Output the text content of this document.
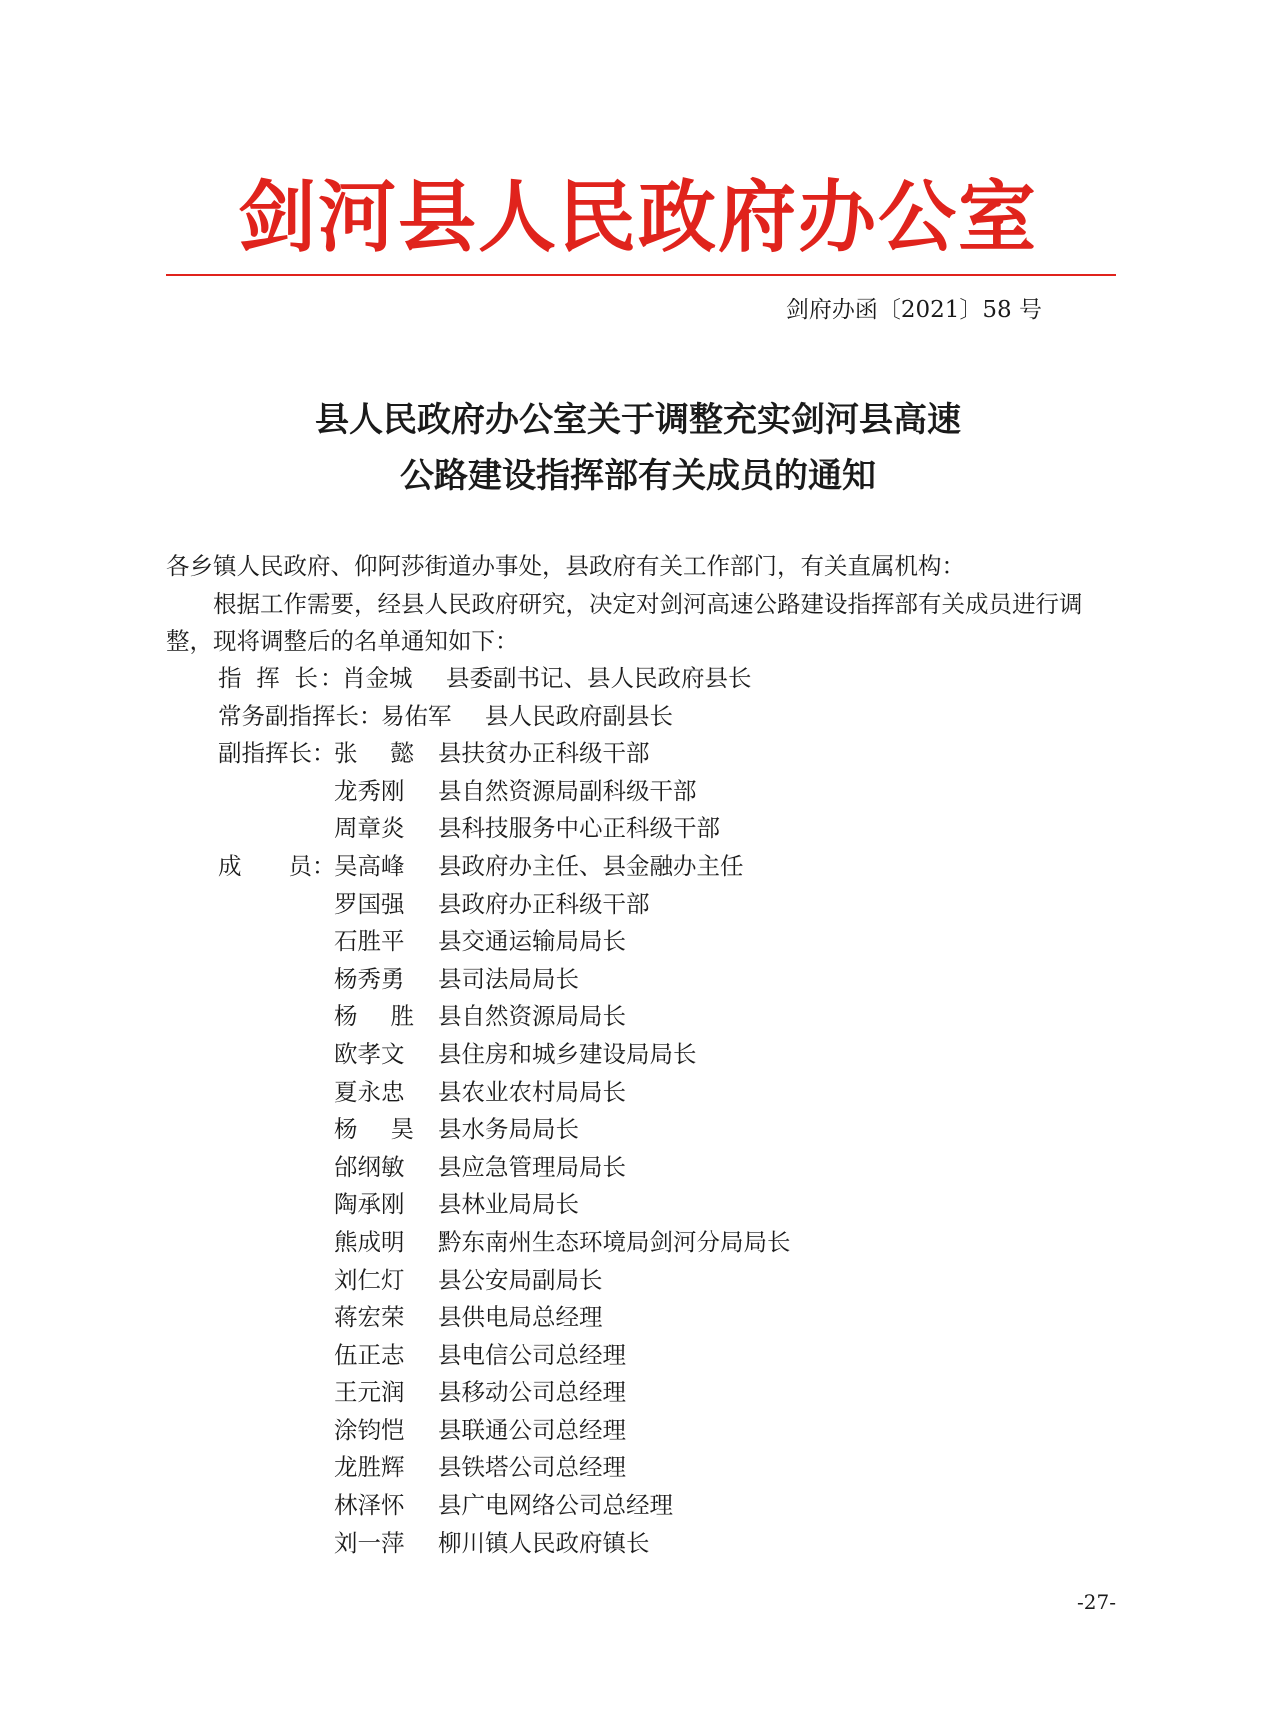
剑河县人民政府办公室
剑府办函〔2021〕58 号
县人民政府办公室关于调整充实剑河县高速
公路建设指挥部有关成员的通知

各乡镇人民政府、仰阿莎街道办事处，县政府有关工作部门，有关直属机构：

根据工作需要，经县人民政府研究，决定对剑河高速公路建设指挥部有关成员进行调整，现将调整后的名单通知如下：

指 挥 长 ：
肖金城	县委副书记、县人民政府县长
常务副指挥长 ：
易佑军	县人民政府副县长
副指挥长 ：
张 懿 县扶贫办正科级干部
龙秀刚	县自然资源局副科级干部
周章炎	县科技服务中心正科级干部
成 员 ：
吴高峰	县政府办主任、县金融办主任
罗国强	县政府办正科级干部
石胜平	县交通运输局局长
杨秀勇	县司法局局长
杨 胜 县自然资源局局长
欧孝文	县住房和城乡建设局局长
夏永忠	县农业农村局局长
杨 昊 县水务局局长
邰纲敏	县应急管理局局长
陶承刚	县林业局局长
熊成明	黔东南州生态环境局剑河分局局长
刘仁灯	县公安局副局长
蒋宏荣	县供电局总经理
伍正志	县电信公司总经理
王元润	县移动公司总经理
涂钧恺	县联通公司总经理
龙胜辉	县铁塔公司总经理
林泽怀	县广电网络公司总经理
刘一萍	柳川镇人民政府镇长
-27-
